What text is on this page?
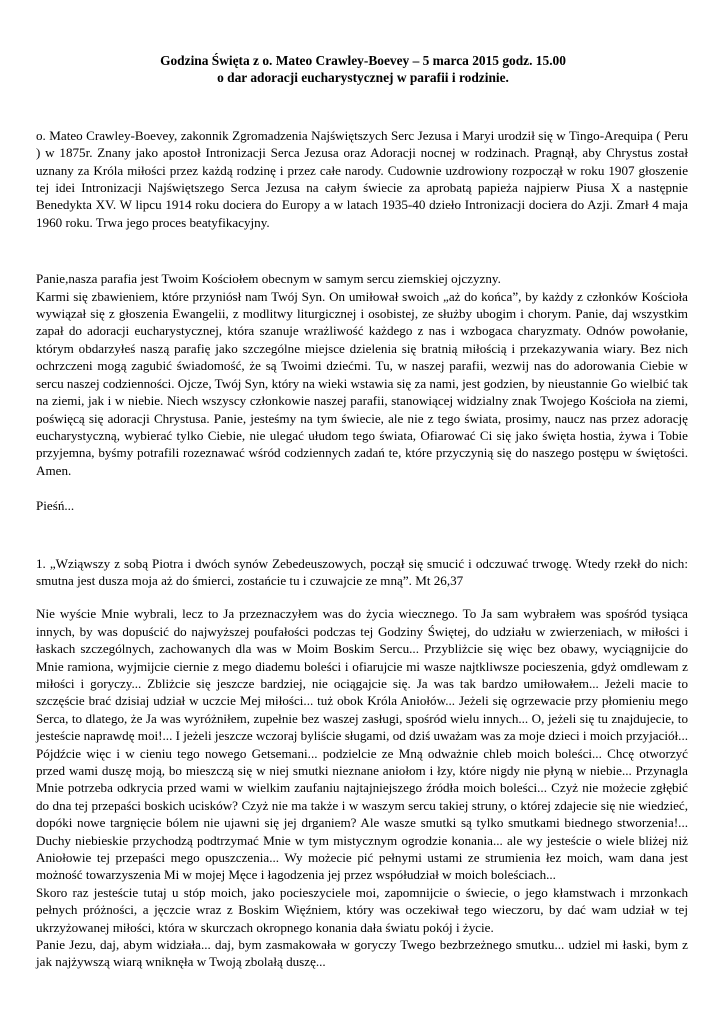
Godzina Święta z o. Mateo Crawley-Boevey – 5 marca 2015 godz. 15.00
o dar adoracji eucharystycznej w parafii i rodzinie.

o. Mateo Crawley-Boevey, zakonnik Zgromadzenia Najświętszych Serc Jezusa i Maryi urodził się w Tingo-Arequipa ( Peru ) w 1875r. Znany jako apostoł Intronizacji Serca Jezusa oraz Adoracji nocnej w rodzinach. Pragnął, aby Chrystus został uznany za Króla miłości przez każdą rodzinę i przez całe narody. Cudownie uzdrowiony rozpoczął w roku 1907 głoszenie tej idei Intronizacji Najświętszego Serca Jezusa na całym świecie za aprobatą papieża najpierw Piusa X a następnie Benedykta XV. W lipcu 1914 roku dociera do Europy a w latach 1935-40 dzieło Intronizacji dociera do Azji. Zmarł 4 maja 1960 roku. Trwa jego proces beatyfikacyjny.

Panie,nasza parafia jest Twoim Kościołem obecnym w samym sercu ziemskiej ojczyzny.

Karmi się zbawieniem, które przyniósł nam Twój Syn. On umiłował swoich „aż do końca”, by każdy z członków Kościoła wywiązał się z głoszenia Ewangelii, z modlitwy liturgicznej i osobistej, ze służby ubogim i chorym. Panie, daj wszystkim zapał do adoracji eucharystycznej, która szanuje wrażliwość każdego z nas i wzbogaca charyzmaty. Odnów powołanie, którym obdarzyłeś naszą parafię jako szczególne miejsce dzielenia się bratnią miłością i przekazywania wiary. Bez nich ochrzczeni mogą zagubić świadomość, że są Twoimi dziećmi. Tu, w naszej parafii, wezwij nas do adorowania Ciebie w sercu naszej codzienności. Ojcze, Twój Syn, który na wieki wstawia się za nami, jest godzien, by nieustannie Go wielbić tak na ziemi, jak i w niebie. Niech wszyscy członkowie naszej parafii, stanowiącej widzialny znak Twojego Kościoła na ziemi, poświęcą się adoracji Chrystusa. Panie, jesteśmy na tym świecie, ale nie z tego świata, prosimy, naucz nas przez adorację eucharystyczną, wybierać tylko Ciebie, nie ulegać ułudom tego świata, Ofiarować Ci się jako święta hostia, żywa i Tobie przyjemna, byśmy potrafili rozeznawać wśród codziennych zadań te, które przyczynią się do naszego postępu w świętości. Amen.

Pieśń...

1. „Wziąwszy z sobą Piotra i dwóch synów Zebedeuszowych, począł się smucić i odczuwać trwogę. Wtedy rzekł do nich: smutna jest dusza moja aż do śmierci, zostańcie tu i czuwajcie ze mną”. Mt 26,37

Nie wyście Mnie wybrali, lecz to Ja przeznaczyłem was do życia wiecznego. To Ja sam wybrałem was spośród tysiąca innych, by was dopuścić do najwyższej poufałości podczas tej Godziny Świętej, do udziału w zwierzeniach, w miłości i łaskach szczególnych, zachowanych dla was w Moim Boskim Sercu... Przybliżcie się więc bez obawy, wyciągnijcie do Mnie ramiona, wyjmijcie ciernie z mego diademu boleści i ofiarujcie mi wasze najtkliwsze pocieszenia, gdyż omdlewam z miłości i goryczy... Zbliżcie się jeszcze bardziej, nie ociągajcie się. Ja was tak bardzo umiłowałem... Jeżeli macie to szczęście brać dzisiaj udział w uczcie Mej miłości... tuż obok Króla Aniołów... Jeżeli się ogrzewacie przy płomieniu mego Serca, to dlatego, że Ja was wyróżniłem, zupełnie bez waszej zasługi, spośród wielu innych... O, jeżeli się tu znajdujecie, to jesteście naprawdę moi!... I jeżeli jeszcze wczoraj byliście sługami, od dziś uważam was za moje dzieci i moich przyjaciół... Pójdźcie więc i w cieniu tego nowego Getsemani... podzielcie ze Mną odważnie chleb moich boleści... Chcę otworzyć przed wami duszę moją, bo mieszczą się w niej smutki nieznane aniołom i łzy, które nigdy nie płyną w niebie... Przynagla Mnie potrzeba odkrycia przed wami w wielkim zaufaniu najtajniejszego źródła moich boleści... Czyż nie możecie zgłębić do dna tej przepaści boskich ucisków? Czyż nie ma także i w waszym sercu takiej struny, o której zdajecie się nie wiedzieć, dopóki nowe targnięcie bólem nie ujawni się jej drganiem? Ale wasze smutki są tylko smutkami biednego stworzenia!... Duchy niebieskie przychodzą podtrzymać Mnie w tym mistycznym ogrodzie konania... ale wy jesteście o wiele bliżej niż Aniołowie tej przepaści mego opuszczenia... Wy możecie pić pełnymi ustami ze strumienia łez moich, wam dana jest możność towarzyszenia Mi w mojej Męce i łagodzenia jej przez współudział w moich boleściach...

Skoro raz jesteście tutaj u stóp moich, jako pocieszyciele moi, zapomnijcie o świecie, o jego kłamstwach i mrzonkach pełnych próżności, a jęczcie wraz z Boskim Więźniem, który was oczekiwał tego wieczoru, by dać wam udział w tej ukrzyżowanej miłości, która w skurczach okropnego konania dała światu pokój i życie.

Panie Jezu, daj, abym widziała... daj, bym zasmakowała w goryczy Twego bezbrzeżnego smutku... udziel mi łaski, bym z jak najżywszą wiarą wniknęła w Twoją zbolałą duszę...
